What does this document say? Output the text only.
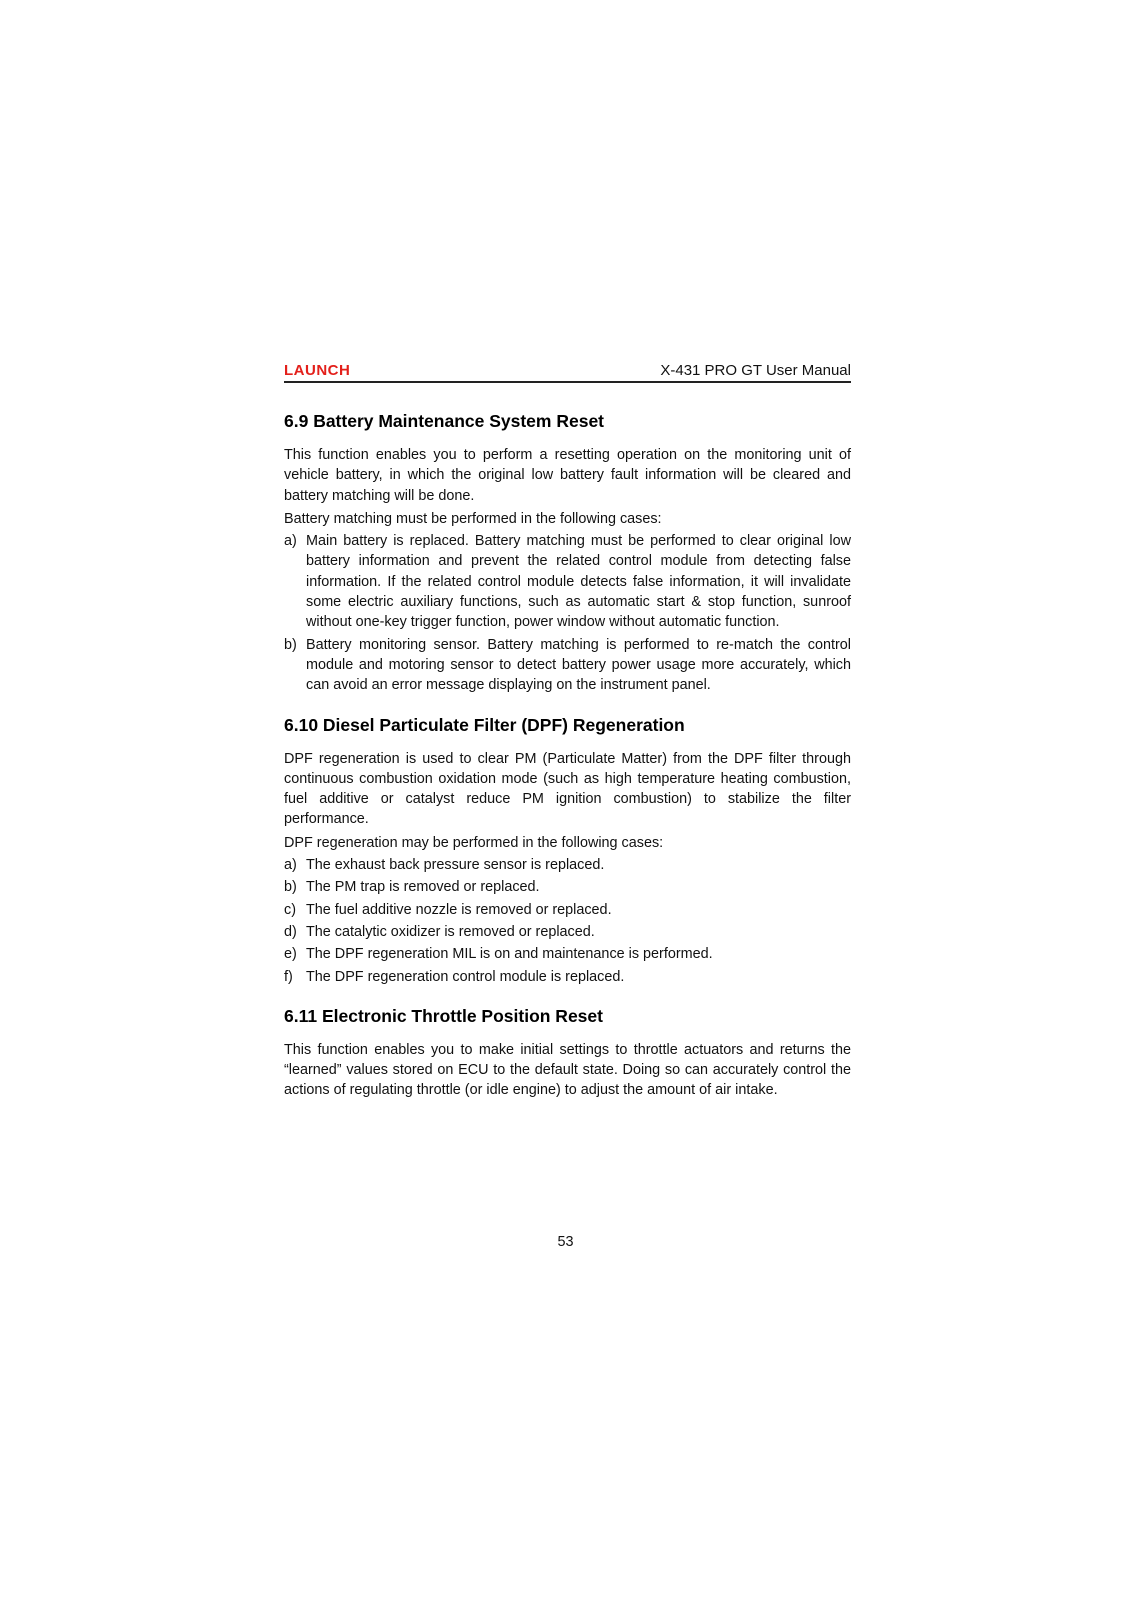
LAUNCH	X-431 PRO GT User Manual
6.9 Battery Maintenance System Reset

This function enables you to perform a resetting operation on the monitoring unit of vehicle battery, in which the original low battery fault information will be cleared and battery matching will be done.

Battery matching must be performed in the following cases:

a) Main battery is replaced. Battery matching must be performed to clear original low battery information and prevent the related control module from detecting false information. If the related control module detects false information, it will invalidate some electric auxiliary functions, such as automatic start & stop function, sunroof without one-key trigger function, power window without automatic function.
b) Battery monitoring sensor. Battery matching is performed to re-match the control module and motoring sensor to detect battery power usage more accurately, which can avoid an error message displaying on the instrument panel.
6.10 Diesel Particulate Filter (DPF) Regeneration

DPF regeneration is used to clear PM (Particulate Matter) from the DPF filter through continuous combustion oxidation mode (such as high temperature heating combustion, fuel additive or catalyst reduce PM ignition combustion) to stabilize the filter performance.

DPF regeneration may be performed in the following cases:

a) The exhaust back pressure sensor is replaced.
b) The PM trap is removed or replaced.
c) The fuel additive nozzle is removed or replaced.
d) The catalytic oxidizer is removed or replaced.
e) The DPF regeneration MIL is on and maintenance is performed.
f) The DPF regeneration control module is replaced.
6.11 Electronic Throttle Position Reset

This function enables you to make initial settings to throttle actuators and returns the “learned” values stored on ECU to the default state. Doing so can accurately control the actions of regulating throttle (or idle engine) to adjust the amount of air intake.

53
